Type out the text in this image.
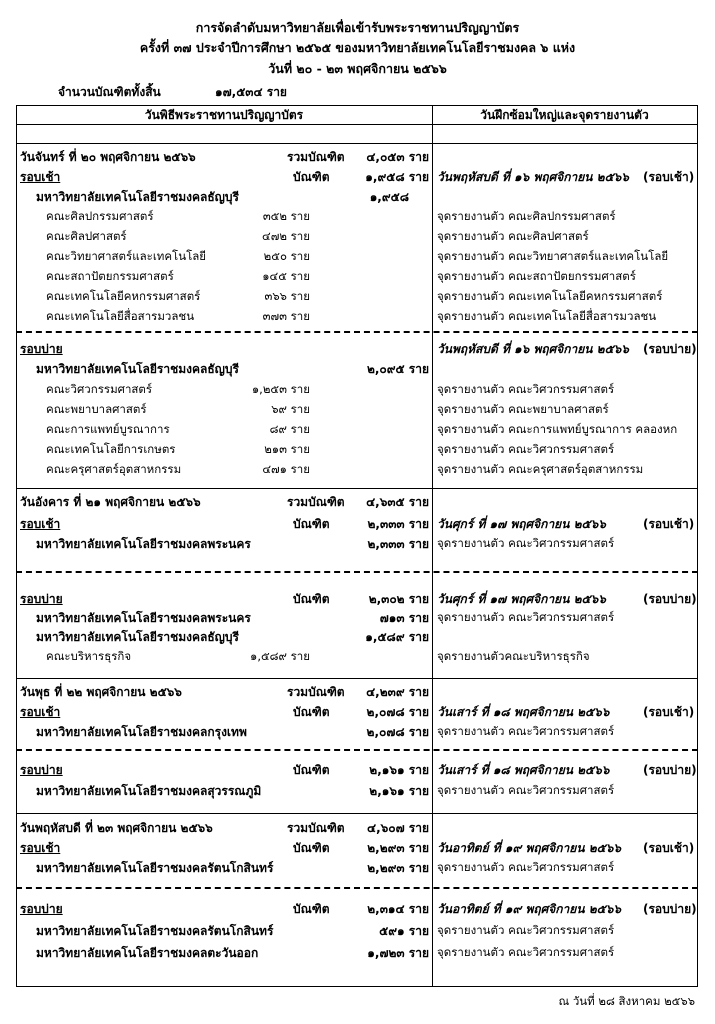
การจัดลำดับมหาวิทยาลัยเพื่อเข้ารับพระราชทานปริญญาบัตร
ครั้งที่ ๓๗ ประจำปีการศึกษา ๒๕๖๕ ของมหาวิทยาลัยเทคโนโลยีราชมงคล ๖ แห่ง
วันที่ ๒๐ - ๒๓ พฤศจิกายน ๒๕๖๖
จำนวนบัณฑิตทั้งสิ้น	๑๗,๕๓๔ ราย
วันพิธีพระราชทานปริญญาบัตร	วันฝึกซ้อมใหญ่และจุดรายงานตัว
วันจันทร์ ที่ ๒๐ พฤศจิกายน ๒๕๖๖	รวมบัณฑิต	๔,๐๕๓ ราย
รอบเช้า	บัณฑิต	๑,๙๕๘ ราย วันพฤหัสบดี ที่ ๑๖ พฤศจิกายน ๒๕๖๖ (รอบเช้า)
มหาวิทยาลัยเทคโนโลยีราชมงคลธัญบุรี	๑,๙๕๘
คณะศิลปกรรมศาสตร์	๓๕๒ ราย	จุดรายงานตัว คณะศิลปกรรมศาสตร์
คณะศิลปศาสตร์	๔๗๒ ราย	จุดรายงานตัว คณะศิลปศาสตร์
คณะวิทยาศาสตร์และเทคโนโลยี	๒๕๐ ราย	จุดรายงานตัว คณะวิทยาศาสตร์และเทคโนโลยี
คณะสถาปัตยกรรมศาสตร์	๑๔๕ ราย	จุดรายงานตัว คณะสถาปัตยกรรมศาสตร์
คณะเทคโนโลยีคหกรรมศาสตร์	๓๖๖ ราย	จุดรายงานตัว คณะเทคโนโลยีคหกรรมศาสตร์
คณะเทคโนโลยีสื่อสารมวลชน	๓๗๓ ราย	จุดรายงานตัว คณะเทคโนโลยีสื่อสารมวลชน
รอบบ่าย	วันพฤหัสบดี ที่ ๑๖ พฤศจิกายน ๒๕๖๖ (รอบบ่าย)
มหาวิทยาลัยเทคโนโลยีราชมงคลธัญบุรี	๒,๐๙๕ ราย
คณะวิศวกรรมศาสตร์	๑,๒๕๓ ราย	จุดรายงานตัว คณะวิศวกรรมศาสตร์
คณะพยาบาลศาสตร์	๖๙ ราย	จุดรายงานตัว คณะพยาบาลศาสตร์
คณะการแพทย์บูรณาการ	๘๙ ราย	จุดรายงานตัว คณะการแพทย์บูรณาการ คลองหก
คณะเทคโนโลยีการเกษตร	๒๑๓ ราย	จุดรายงานตัว คณะวิศวกรรมศาสตร์
คณะครุศาสตร์อุตสาหกรรม	๔๗๑ ราย	จุดรายงานตัว คณะครุศาสตร์อุตสาหกรรม
วันอังคาร ที่ ๒๑ พฤศจิกายน ๒๕๖๖	รวมบัณฑิต	๔,๖๓๕ ราย
รอบเช้า	บัณฑิต	๒,๓๓๓ ราย วันศุกร์ ที่ ๑๗ พฤศจิกายน ๒๕๖๖	(รอบเช้า)
มหาวิทยาลัยเทคโนโลยีราชมงคลพระนคร	๒,๓๓๓ ราย จุดรายงานตัว คณะวิศวกรรมศาสตร์
รอบบ่าย	บัณฑิต	๒,๓๐๒ ราย วันศุกร์ ที่ ๑๗ พฤศจิกายน ๒๕๖๖	(รอบบ่าย)
มหาวิทยาลัยเทคโนโลยีราชมงคลพระนคร	๗๑๓ ราย จุดรายงานตัว คณะวิศวกรรมศาสตร์
มหาวิทยาลัยเทคโนโลยีราชมงคลธัญบุรี	๑,๕๘๙ ราย
คณะบริหารธุรกิจ	๑,๕๘๙ ราย	จุดรายงานตัวคณะบริหารธุรกิจ
วันพุธ ที่ ๒๒ พฤศจิกายน ๒๕๖๖	รวมบัณฑิต	๔,๒๓๙ ราย
รอบเช้า	บัณฑิต	๒,๐๗๘ ราย วันเสาร์ ที่ ๑๘ พฤศจิกายน ๒๕๖๖	(รอบเช้า)
มหาวิทยาลัยเทคโนโลยีราชมงคลกรุงเทพ	๒,๐๗๘ ราย จุดรายงานตัว คณะวิศวกรรมศาสตร์
รอบบ่าย	บัณฑิต	๒,๑๖๑ ราย วันเสาร์ ที่ ๑๘ พฤศจิกายน ๒๕๖๖	(รอบบ่าย)
มหาวิทยาลัยเทคโนโลยีราชมงคลสุวรรณภูมิ	๒,๑๖๑ ราย จุดรายงานตัว คณะวิศวกรรมศาสตร์
วันพฤหัสบดี ที่ ๒๓ พฤศจิกายน ๒๕๖๖	รวมบัณฑิต	๔,๖๐๗ ราย
รอบเช้า	บัณฑิต	๒,๒๙๓ ราย วันอาทิตย์ ที่ ๑๙ พฤศจิกายน ๒๕๖๖ (รอบเช้า)
มหาวิทยาลัยเทคโนโลยีราชมงคลรัตนโกสินทร์	๒,๒๙๓ ราย จุดรายงานตัว คณะวิศวกรรมศาสตร์
รอบบ่าย	บัณฑิต	๒,๓๑๔ ราย วันอาทิตย์ ที่ ๑๙ พฤศจิกายน ๒๕๖๖ (รอบบ่าย)
มหาวิทยาลัยเทคโนโลยีราชมงคลรัตนโกสินทร์	๕๙๑ ราย จุดรายงานตัว คณะวิศวกรรมศาสตร์
มหาวิทยาลัยเทคโนโลยีราชมงคลตะวันออก	๑,๗๒๓ ราย จุดรายงานตัว คณะวิศวกรรมศาสตร์
ณ วันที่ ๒๘ สิงหาคม ๒๕๖๖
